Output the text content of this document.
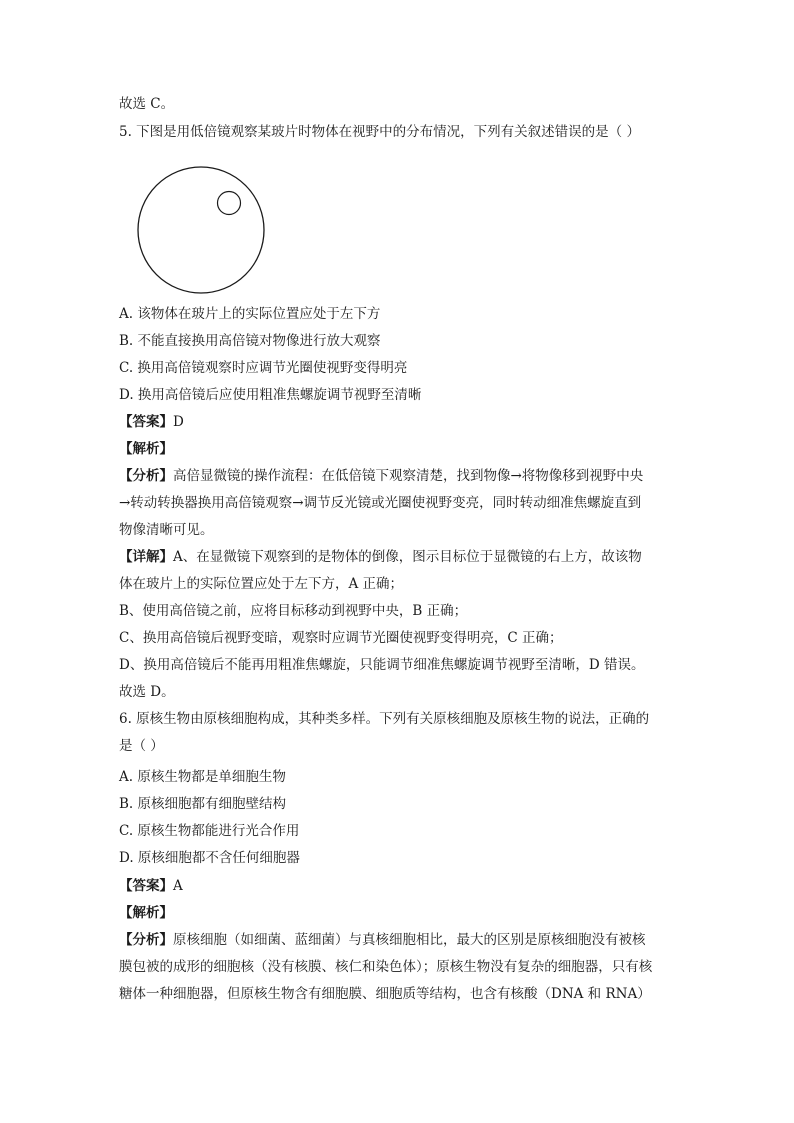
故选 C。
5. 下图是用低倍镜观察某玻片时物体在视野中的分布情况，下列有关叙述错误的是（ ）
A. 该物体在玻片上的实际位置应处于左下方
B. 不能直接换用高倍镜对物像进行放大观察
C. 换用高倍镜观察时应调节光圈使视野变得明亮
D. 换用高倍镜后应使用粗准焦螺旋调节视野至清晰
【答案】D
【解析】
【分析】高倍显微镜的操作流程：在低倍镜下观察清楚，找到物像→将物像移到视野中央
→转动转换器换用高倍镜观察→调节反光镜或光圈使视野变亮，同时转动细准焦螺旋直到
物像清晰可见。
【详解】A、在显微镜下观察到的是物体的倒像，图示目标位于显微镜的右上方，故该物
体在玻片上的实际位置应处于左下方，A 正确；
B、使用高倍镜之前，应将目标移动到视野中央，B 正确；
C、换用高倍镜后视野变暗，观察时应调节光圈使视野变得明亮，C 正确；
D、换用高倍镜后不能再用粗准焦螺旋，只能调节细准焦螺旋调节视野至清晰，D 错误。
故选 D。
6. 原核生物由原核细胞构成，其种类多样。下列有关原核细胞及原核生物的说法，正确的
是（ ）
A. 原核生物都是单细胞生物
B. 原核细胞都有细胞壁结构
C. 原核生物都能进行光合作用
D. 原核细胞都不含任何细胞器
【答案】A
【解析】
【分析】原核细胞（如细菌、蓝细菌）与真核细胞相比，最大的区别是原核细胞没有被核
膜包被的成形的细胞核（没有核膜、核仁和染色体）；原核生物没有复杂的细胞器，只有核
糖体一种细胞器，但原核生物含有细胞膜、细胞质等结构，也含有核酸（DNA 和 RNA）
